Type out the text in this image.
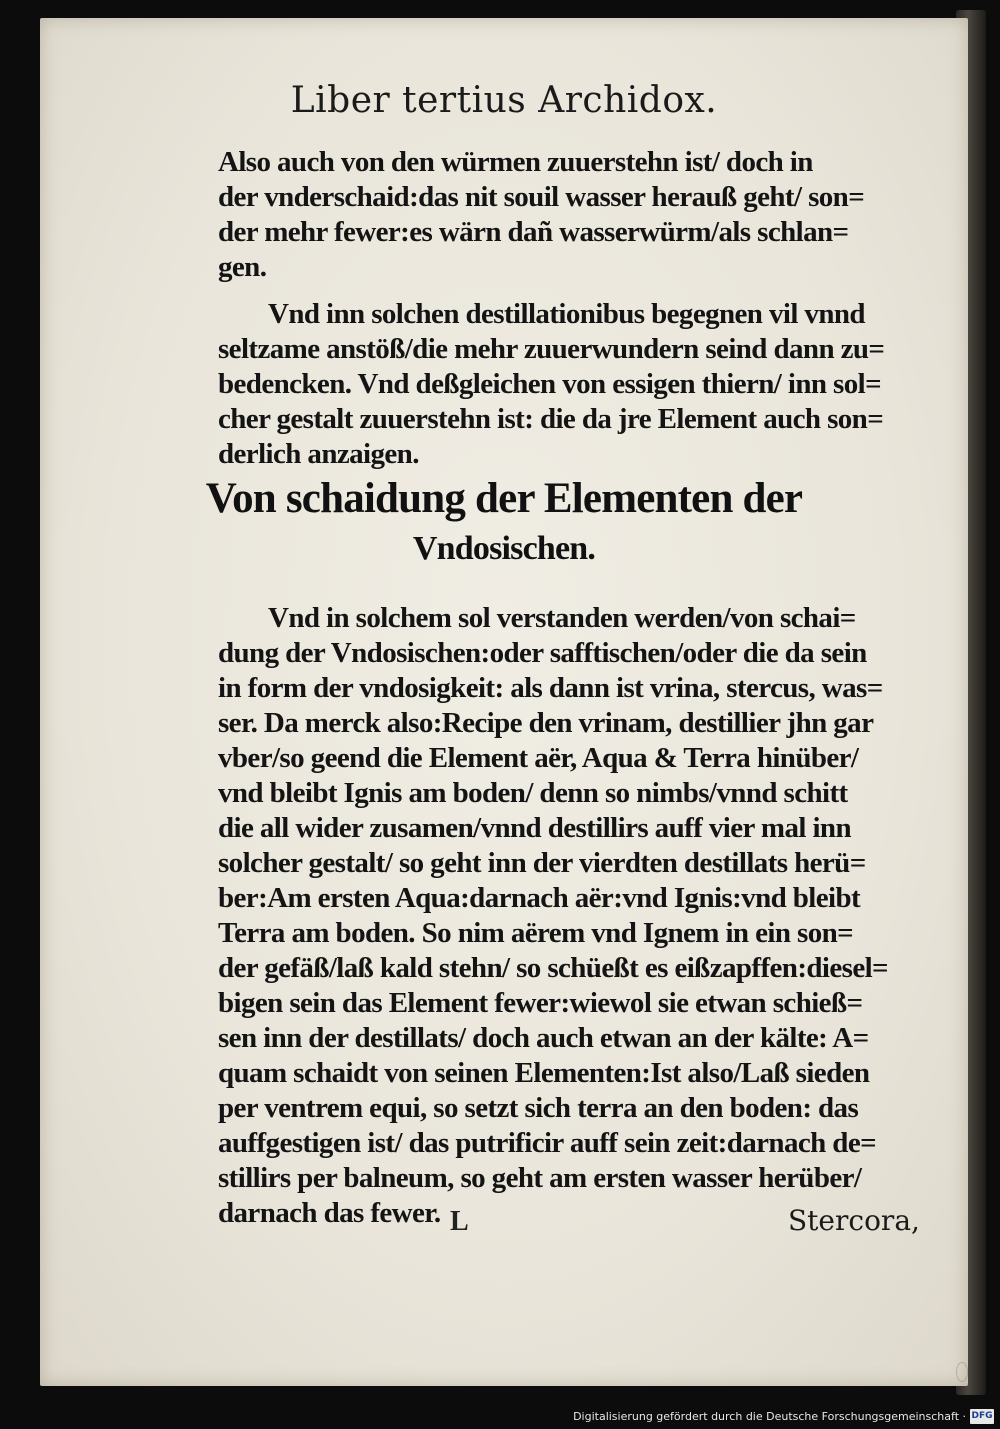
Liber tertius Archidox.
Also auch von den würmen zuuerstehn ist/ doch in
der vnderschaid:das nit souil wasser herauß geht/ son=
der mehr fewer:es wärn dañ wasserwürm/als schlan=
gen.
Vnd inn solchen destillationibus begegnen vil vnnd
seltzame anstöß/die mehr zuuerwundern seind dann zu=
bedencken. Vnd deßgleichen von essigen thiern/ inn sol=
cher gestalt zuuerstehn ist: die da jre Element auch son=
derlich anzaigen.
Von schaidung der Elementen der
Vndosischen.
Vnd in solchem sol verstanden werden/von schai=
dung der Vndosischen:oder safftischen/oder die da sein
in form der vndosigkeit: als dann ist vrina, stercus, was=
ser. Da merck also:Recipe den vrinam, destillier jhn gar
vber/so geend die Element aër, Aqua & Terra hinüber/
vnd bleibt Ignis am boden/ denn so nimbs/vnnd schitt
die all wider zusamen/vnnd destillirs auff vier mal inn
solcher gestalt/ so geht inn der vierdten destillats herü=
ber:Am ersten Aqua:darnach aër:vnd Ignis:vnd bleibt
Terra am boden. So nim aërem vnd Ignem in ein son=
der gefäß/laß kald stehn/ so schüeßt es eißzapffen:diesel=
bigen sein das Element fewer:wiewol sie etwan schieß=
sen inn der destillats/ doch auch etwan an der kälte: A=
quam schaidt von seinen Elementen:Ist also/Laß sieden
per ventrem equi, so setzt sich terra an den boden: das
auffgestigen ist/ das putrificir auff sein zeit:darnach de=
stillirs per balneum, so geht am ersten wasser herüber/
darnach das fewer. L	Stercora,
Digitalisierung gefördert durch die Deutsche Forschungsgemeinschaft · DFG
